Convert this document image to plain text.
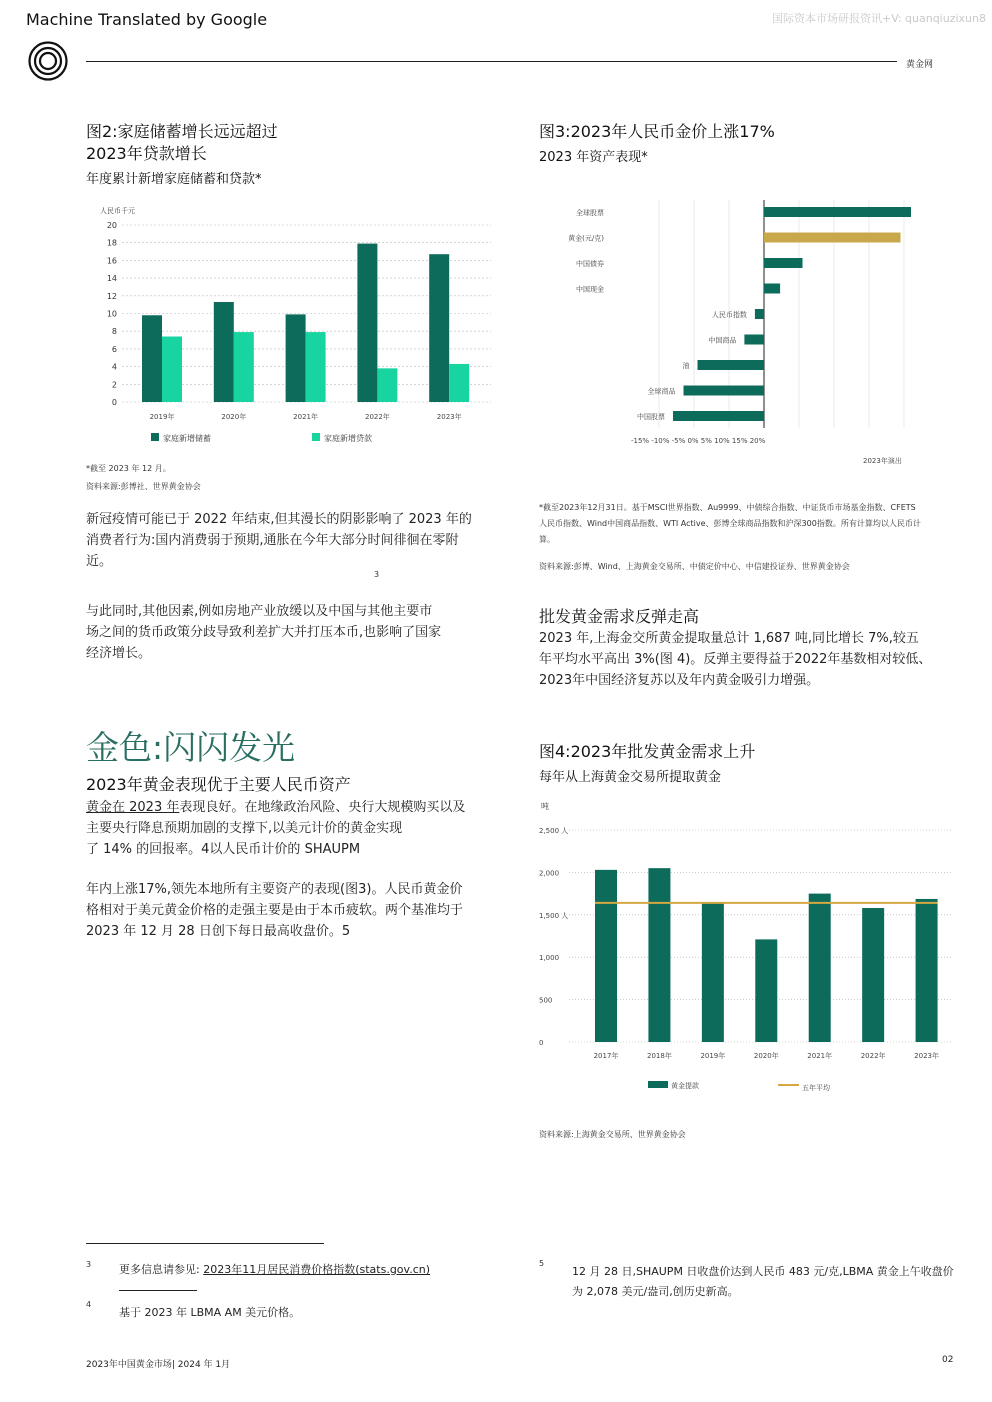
Machine Translated by Google	国际资本市场研报资讯+V: quanqiuzixun8
黄金网
图2:家庭储蓄增长远远超过
2023年贷款增长
年度累计新增家庭储蓄和贷款*
人民币千元
0
2
4
6
8
10
12
14
16
18
20
2019年	2020年	2021年	2022年	2023年
家庭新增储蓄	家庭新增贷款
*截至 2023 年 12 月。
资料来源:彭博社、世界黄金协会
新冠疫情可能已于 2022 年结束,但其漫长的阴影影响了 2023 年的
消费者行为:国内消费弱于预期,通胀在今年大部分时间徘徊在零附
近。
3
与此同时,其他因素,例如房地产业放缓以及中国与其他主要市
场之间的货币政策分歧导致利差扩大并打压本币,也影响了国家
经济增长。
金色:闪闪发光
2023年黄金表现优于主要人民币资产
黄金在 2023 年表现良好。在地缘政治风险、央行大规模购买以及
主要央行降息预期加剧的支撑下,以美元计价的黄金实现
了 14% 的回报率。4以人民币计价的 SHAUPM
年内上涨17%,领先本地所有主要资产的表现(图3)。人民币黄金价
格相对于美元黄金价格的走强主要是由于本币疲软。两个基准均于
2023 年 12 月 28 日创下每日最高收盘价。5
图3:2023年人民币金价上涨17%
2023 年资产表现*
全球股票
黄金(元/克)
中国债券
中国现金
人民币指数
中国商品
油
全球商品
中国股票
-15% -10% -5% 0% 5% 10% 15% 20%
2023年演出
*截至2023年12月31日。基于MSCI世界指数、Au9999、中债综合指数、中证货币市场基金指数、CFETS
人民币指数、Wind中国商品指数、WTI Active、彭博全球商品指数和沪深300指数。所有计算均以人民币计
算。
资料来源:彭博、Wind、上海黄金交易所、中债定价中心、中信建投证券、世界黄金协会
批发黄金需求反弹走高
2023 年,上海金交所黄金提取量总计 1,687 吨,同比增长 7%,较五
年平均水平高出 3%(图 4)。反弹主要得益于2022年基数相对较低、
2023年中国经济复苏以及年内黄金吸引力增强。
图4:2023年批发黄金需求上升
每年从上海黄金交易所提取黄金
吨
0
500
1,000
1,500 人
2,000
2,500 人
2017年	2018年	2019年	2020年	2021年	2022年	2023年
黄金提款	五年平均
资料来源:上海黄金交易所、世界黄金协会
3	更多信息请参见: 2023年11月居民消费价格指数(stats.gov.cn)
4
基于 2023 年 LBMA AM 美元价格。
5
12 月 28 日,SHAUPM 日收盘价达到人民币 483 元/克,LBMA 黄金上午收盘价
为 2,078 美元/盎司,创历史新高。
2023年中国黄金市场| 2024 年 1月	02
